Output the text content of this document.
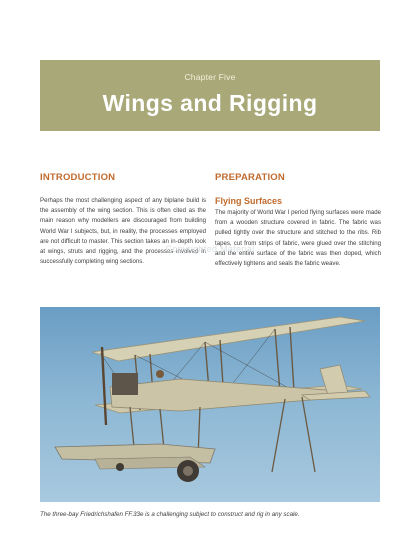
Chapter Five
Wings and Rigging
INTRODUCTION

Perhaps the most challenging aspect of any biplane build is the assembly of the wing section. This is often cited as the main reason why modellers are discouraged from building World War I subjects, but, in reality, the processes employed are not difficult to master. This section takes an in-depth look at wings, struts and rigging, and the processes involved in successfully completing wing sections.

PREPARATION
Flying Surfaces

The majority of World War I period flying surfaces were made from a wooden structure covered in fabric. The fabric was pulled tightly over the structure and stitched to the ribs. Rib tapes, cut from strips of fabric, were glued over the stitching and the entire surface of the fabric was then doped, which effectively tightens and seals the fabric weave.

Copyrighted Material
The three-bay Friedrichshafen FF.33e is a challenging subject to construct and rig in any scale.
